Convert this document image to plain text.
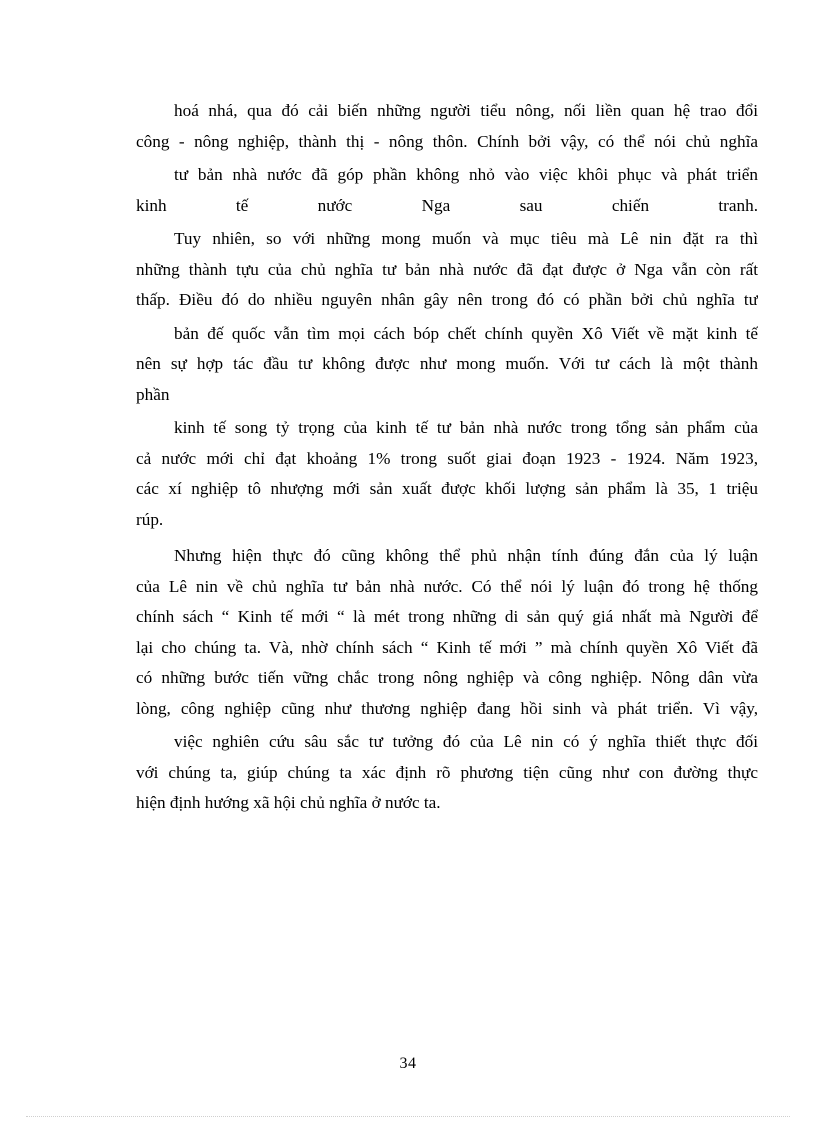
hoá nhá, qua đó cải biến những người tiểu nông, nối liền quan hệ trao đổi
công - nông nghiệp, thành thị - nông thôn. Chính bởi vậy, có thể nói chủ nghĩa
tư bản nhà nước đã góp phần không nhỏ vào việc khôi phục và phát triển
kinh tế nước Nga sau chiến tranh.
Tuy nhiên, so với những mong muốn và mục tiêu mà Lê nin đặt ra thì
những thành tựu của chủ nghĩa tư bản nhà nước đã đạt được ở Nga vẫn còn rất
thấp. Điều đó do nhiều nguyên nhân gây nên trong đó có phần bởi chủ nghĩa tư
bản đế quốc vẫn tìm mọi cách bóp chết chính quyền Xô Viết về mặt kinh tế
nên sự hợp tác đầu tư không được như mong muốn. Với tư cách là một thành
phần
kinh tế song tỷ trọng của kinh tế tư bản nhà nước trong tổng sản phẩm của
cả nước mới chỉ đạt khoảng 1% trong suốt giai đoạn 1923 - 1924. Năm 1923,
các xí nghiệp tô nhượng mới sản xuất được khối lượng sản phẩm là 35, 1 triệu
rúp.
Nhưng hiện thực đó cũng không thể phủ nhận tính đúng đắn của lý luận
của Lê nin về chủ nghĩa tư bản nhà nước. Có thể nói lý luận đó trong hệ thống
chính sách “ Kinh tế mới “ là mét trong những di sản quý giá nhất mà Người để
lại cho chúng ta. Và, nhờ chính sách “ Kinh tế mới ” mà chính quyền Xô Viết đã
có những bước tiến vững chắc trong nông nghiệp và công nghiệp. Nông dân vừa
lòng, công nghiệp cũng như thương nghiệp đang hồi sinh và phát triển. Vì vậy,
việc nghiên cứu sâu sắc tư tưởng đó của Lê nin có ý nghĩa thiết thực đối
với chúng ta, giúp chúng ta xác định rõ phương tiện cũng như con đường thực
hiện định hướng xã hội chủ nghĩa ở nước ta.
34
